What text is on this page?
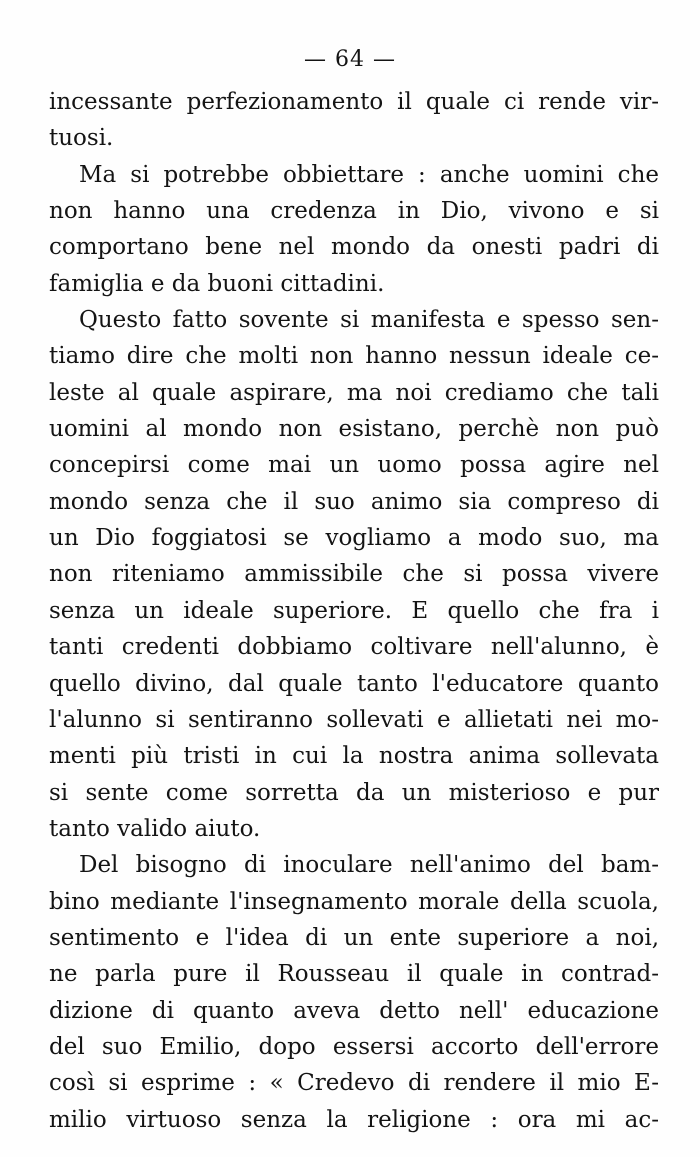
— 64 —
incessante perfezionamento il quale ci rende vir-
tuosi.
Ma si potrebbe obbiettare : anche uomini che
non hanno una credenza in Dio, vivono e si
comportano bene nel mondo da onesti padri di
famiglia e da buoni cittadini.
Questo fatto sovente si manifesta e spesso sen-
tiamo dire che molti non hanno nessun ideale ce-
leste al quale aspirare, ma noi crediamo che tali
uomini al mondo non esistano, perchè non può
concepirsi come mai un uomo possa agire nel
mondo senza che il suo animo sia compreso di
un Dio foggiatosi se vogliamo a modo suo, ma
non riteniamo ammissibile che si possa vivere
senza un ideale superiore. E quello che fra i
tanti credenti dobbiamo coltivare nell'alunno, è
quello divino, dal quale tanto l'educatore quanto
l'alunno si sentiranno sollevati e allietati nei mo-
menti più tristi in cui la nostra anima sollevata
si sente come sorretta da un misterioso e pur
tanto valido aiuto.
Del bisogno di inoculare nell'animo del bam-
bino mediante l'insegnamento morale della scuola,
sentimento e l'idea di un ente superiore a noi,
ne parla pure il Rousseau il quale in contrad-
dizione di quanto aveva detto nell' educazione
del suo Emilio, dopo essersi accorto dell'errore
così si esprime : « Credevo di rendere il mio E-
milio virtuoso senza la religione : ora mi ac-
